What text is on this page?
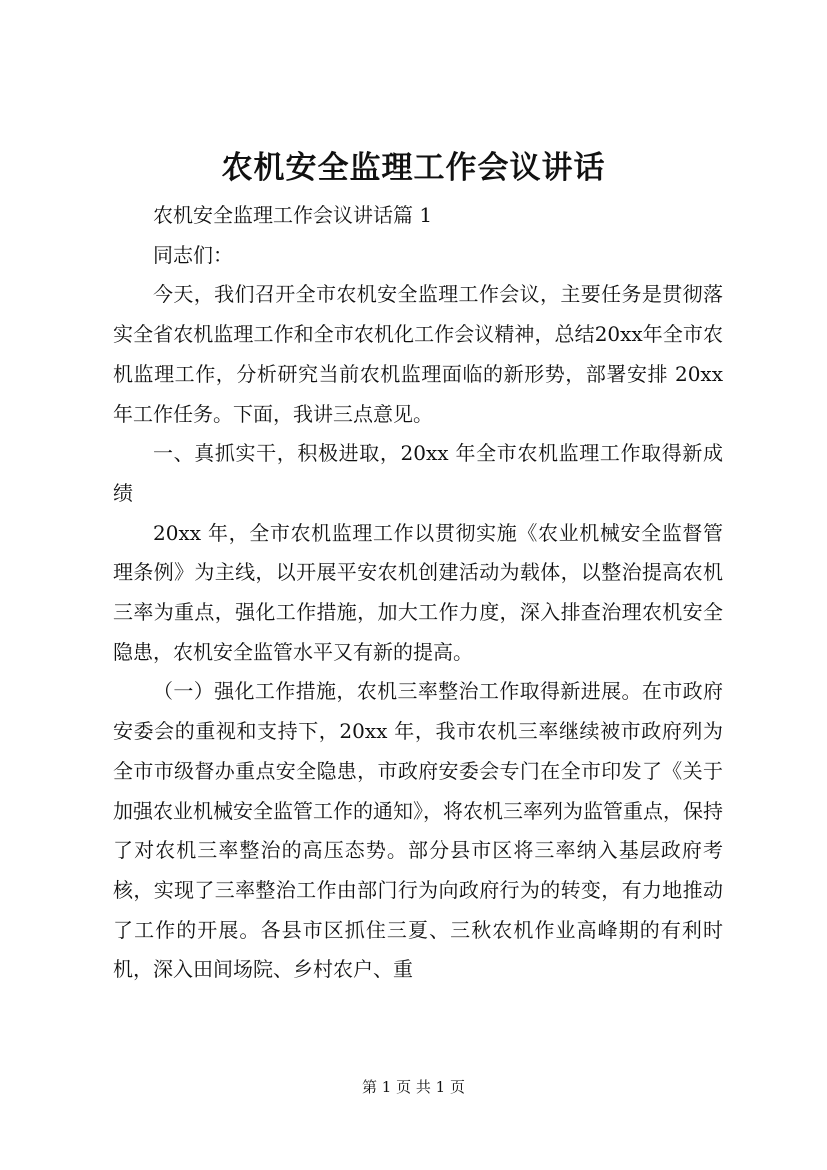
农机安全监理工作会议讲话

农机安全监理工作会议讲话篇 1

同志们：

今天，我们召开全市农机安全监理工作会议，主要任务是贯彻落实全省农机监理工作和全市农机化工作会议精神，总结20xx年全市农机监理工作，分析研究当前农机监理面临的新形势，部署安排 20xx 年工作任务。下面，我讲三点意见。

一、真抓实干，积极进取，20xx 年全市农机监理工作取得新成绩

20xx 年，全市农机监理工作以贯彻实施《农业机械安全监督管理条例》为主线，以开展平安农机创建活动为载体，以整治提高农机三率为重点，强化工作措施，加大工作力度，深入排查治理农机安全隐患，农机安全监管水平又有新的提高。

（一）强化工作措施，农机三率整治工作取得新进展。在市政府安委会的重视和支持下，20xx 年，我市农机三率继续被市政府列为全市市级督办重点安全隐患，市政府安委会专门在全市印发了《关于加强农业机械安全监管工作的通知》，将农机三率列为监管重点，保持了对农机三率整治的高压态势。部分县市区将三率纳入基层政府考核，实现了三率整治工作由部门行为向政府行为的转变，有力地推动了工作的开展。各县市区抓住三夏、三秋农机作业高峰期的有利时机，深入田间场院、乡村农户、重

第 1 页 共 1 页
